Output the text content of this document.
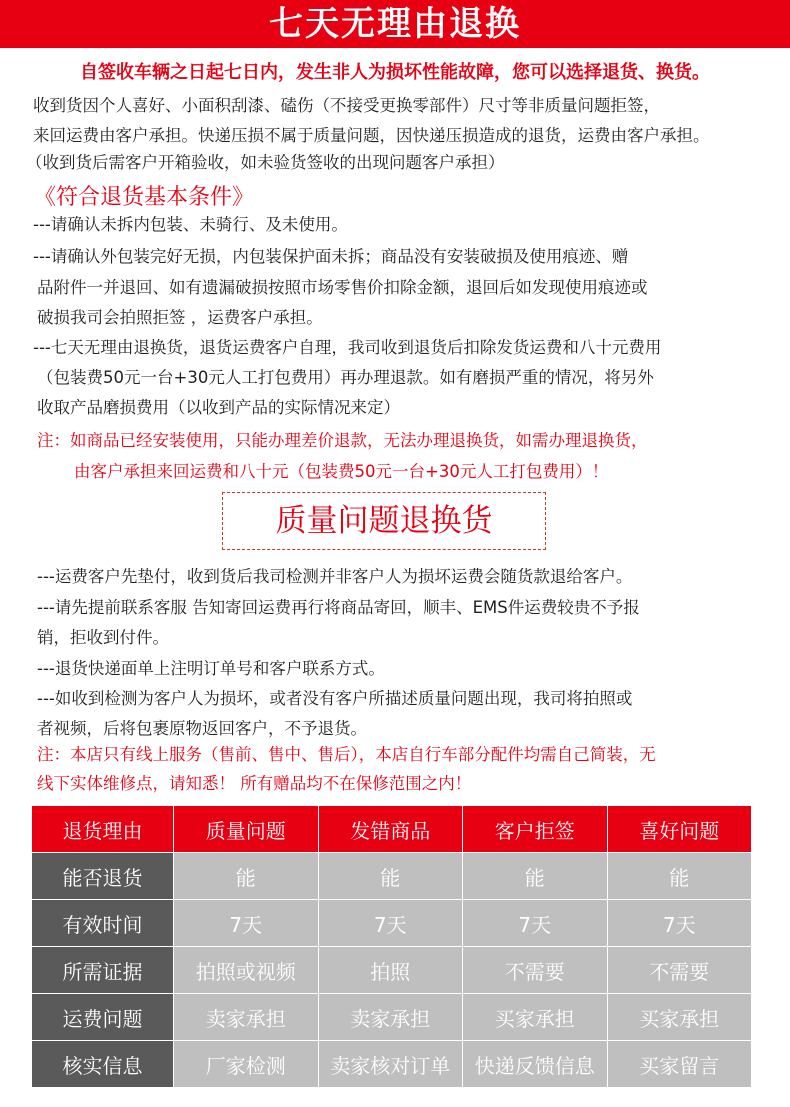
七天无理由退换
自签收车辆之日起七日内，发生非人为损坏性能故障，您可以选择退货、换货。
收到货因个人喜好、小面积刮漆、磕伤（不接受更换零部件）尺寸等非质量问题拒签，
来回运费由客户承担。快递压损不属于质量问题，因快递压损造成的退货，运费由客户承担。
（收到货后需客户开箱验收，如未验货签收的出现问题客户承担）
《符合退货基本条件》
---请确认未拆内包装、未骑行、及未使用。
---请确认外包装完好无损，内包装保护面未拆；商品没有安装破损及使用痕迹、赠
品附件一并退回、如有遗漏破损按照市场零售价扣除金额，退回后如发现使用痕迹或
破损我司会拍照拒签 ，运费客户承担。
---七天无理由退换货，退货运费客户自理，我司收到退货后扣除发货运费和八十元费用
（包装费50元一台+30元人工打包费用）再办理退款。如有磨损严重的情况，将另外
收取产品磨损费用（以收到产品的实际情况来定）
注：如商品已经安装使用，只能办理差价退款，无法办理退换货，如需办理退换货，
由客户承担来回运费和八十元（包装费50元一台+30元人工打包费用）！
质量问题退换货
---运费客户先垫付，收到货后我司检测并非客户人为损坏运费会随货款退给客户。
---请先提前联系客服 告知寄回运费再行将商品寄回，顺丰、EMS件运费较贵不予报
销，拒收到付件。
---退货快递面单上注明订单号和客户联系方式。
---如收到检测为客户人为损坏，或者没有客户所描述质量问题出现，我司将拍照或
者视频，后将包裹原物返回客户，不予退货。
注：本店只有线上服务（售前、售中、售后），本店自行车部分配件均需自己简装，无
线下实体维修点，请知悉！ 所有赠品均不在保修范围之内！
退货理由	质量问题	发错商品	客户拒签	喜好问题
能否退货	能	能	能	能
有效时间	7天	7天	7天	7天
所需证据	拍照或视频	拍照	不需要	不需要
运费问题	卖家承担	卖家承担	买家承担	买家承担
核实信息	厂家检测	卖家核对订单	快递反馈信息	买家留言
